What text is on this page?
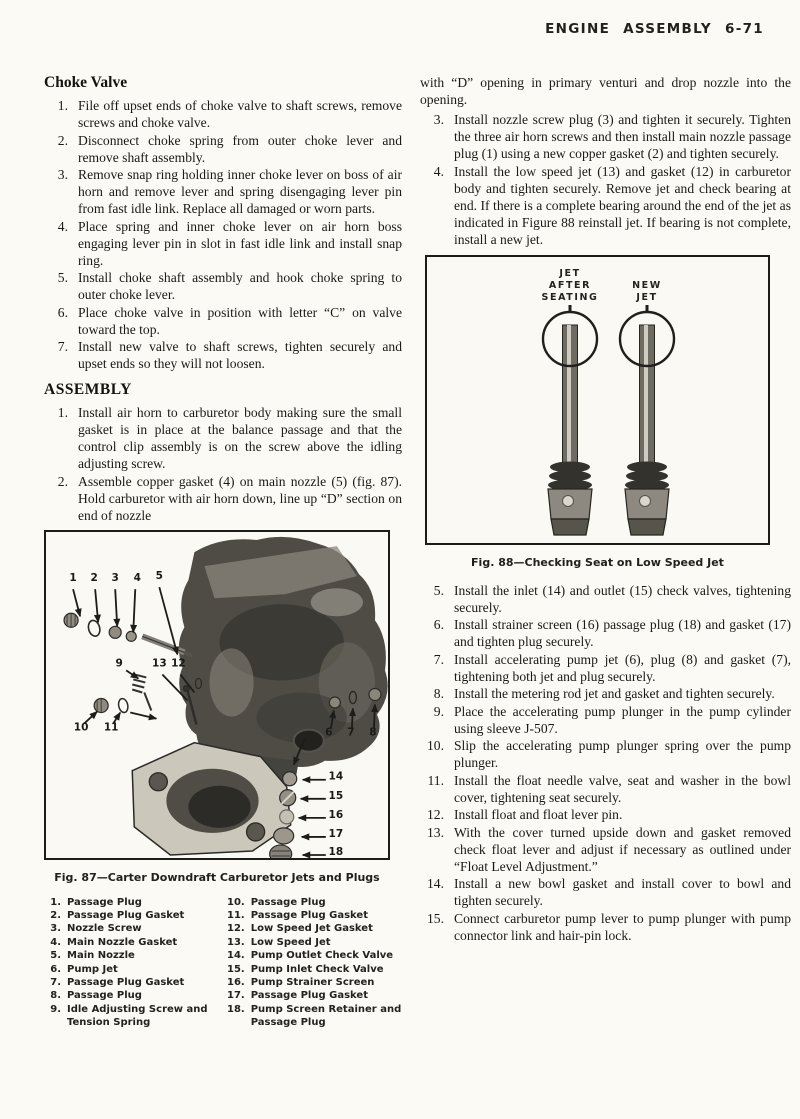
ENGINE ASSEMBLY 6-71
Choke Valve
1. File off upset ends of choke valve to shaft screws, remove screws and choke valve.
2. Disconnect choke spring from outer choke lever and remove shaft assembly.
3. Remove snap ring holding inner choke lever on boss of air horn and remove lever and spring disengaging lever pin from fast idle link. Replace all damaged or worn parts.
4. Place spring and inner choke lever on air horn boss engaging lever pin in slot in fast idle link and install snap ring.
5. Install choke shaft assembly and hook choke spring to outer choke lever.
6. Place choke valve in position with letter “C” on valve toward the top.
7. Install new valve to shaft screws, tighten securely and upset ends so they will not loosen.
ASSEMBLY
1. Install air horn to carburetor body making sure the small gasket is in place at the balance passage and that the control clip assembly is on the screw above the idling adjusting screw.
2. Assemble copper gasket (4) on main nozzle (5) (fig. 87). Hold carburetor with air horn down, line up “D” section on end of nozzle
1 2 3 4 5
9	13 12
10 11	6 7 8
14
15
16
17
18
Fig. 87—Carter Downdraft Carburetor Jets and Plugs
1. Passage Plug
2. Passage Plug Gasket
3. Nozzle Screw
4. Main Nozzle Gasket
5. Main Nozzle
6. Pump Jet
7. Passage Plug Gasket
8. Passage Plug
9. Idle Adjusting Screw and Tension Spring
10. Passage Plug
11. Passage Plug Gasket
12. Low Speed Jet Gasket
13. Low Speed Jet
14. Pump Outlet Check Valve
15. Pump Inlet Check Valve
16. Pump Strainer Screen
17. Passage Plug Gasket
18. Pump Screen Retainer and Passage Plug

with “D” opening in primary venturi and drop nozzle into the opening.

3. Install nozzle screw plug (3) and tighten it securely. Tighten the three air horn screws and then install main nozzle passage plug (1) using a new copper gasket (2) and tighten securely.
4. Install the low speed jet (13) and gasket (12) in carburetor body and tighten securely. Remove jet and check bearing at end. If there is a complete bearing around the end of the jet as indicated in Figure 88 reinstall jet. If bearing is not complete, install a new jet.
JET
AFTER
SEATING
NEW
JET
Fig. 88—Checking Seat on Low Speed Jet
5. Install the inlet (14) and outlet (15) check valves, tightening securely.
6. Install strainer screen (16) passage plug (18) and gasket (17) and tighten plug securely.
7. Install accelerating pump jet (6), plug (8) and gasket (7), tightening both jet and plug securely.
8. Install the metering rod jet and gasket and tighten securely.
9. Place the accelerating pump plunger in the pump cylinder using sleeve J-507.
10. Slip the accelerating pump plunger spring over the pump plunger.
11. Install the float needle valve, seat and washer in the bowl cover, tightening seat securely.
12. Install float and float lever pin.
13. With the cover turned upside down and gasket removed check float lever and adjust if necessary as outlined under “Float Level Adjustment.”
14. Install a new bowl gasket and install cover to bowl and tighten securely.
15. Connect carburetor pump lever to pump plunger with pump connector link and hair-pin lock.
